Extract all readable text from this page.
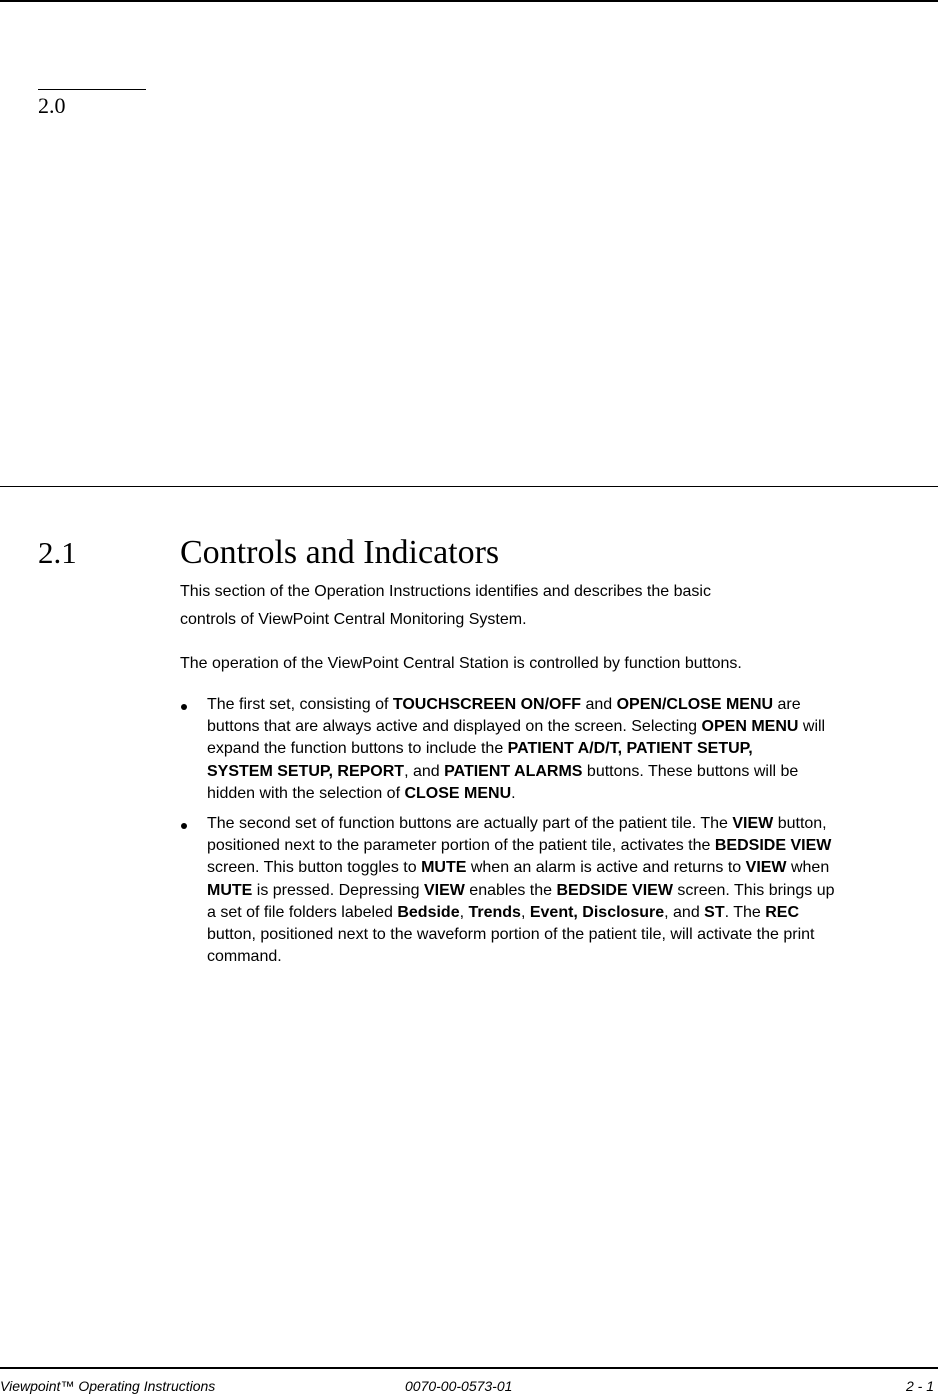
2.0
2.1	Controls and Indicators
This section of the Operation Instructions identifies and describes the basic
controls of ViewPoint Central Monitoring System.
The operation of the ViewPoint Central Station is controlled by function buttons.
The first set, consisting of TOUCHSCREEN ON/OFF and OPEN/CLOSE MENU are
buttons that are always active and displayed on the screen. Selecting OPEN MENU will
expand the function buttons to include the PATIENT A/D/T, PATIENT SETUP,
SYSTEM SETUP, REPORT, and PATIENT ALARMS buttons. These buttons will be
hidden with the selection of CLOSE MENU.
The second set of function buttons are actually part of the patient tile. The VIEW button,
positioned next to the parameter portion of the patient tile, activates the BEDSIDE VIEW
screen. This button toggles to MUTE when an alarm is active and returns to VIEW when
MUTE is pressed. Depressing VIEW enables the BEDSIDE VIEW screen. This brings up
a set of file folders labeled Bedside, Trends, Event, Disclosure, and ST. The REC
button, positioned next to the waveform portion of the patient tile, will activate the print
command.
Viewpoint™ Operating Instructions	0070-00-0573-01	2 - 1
